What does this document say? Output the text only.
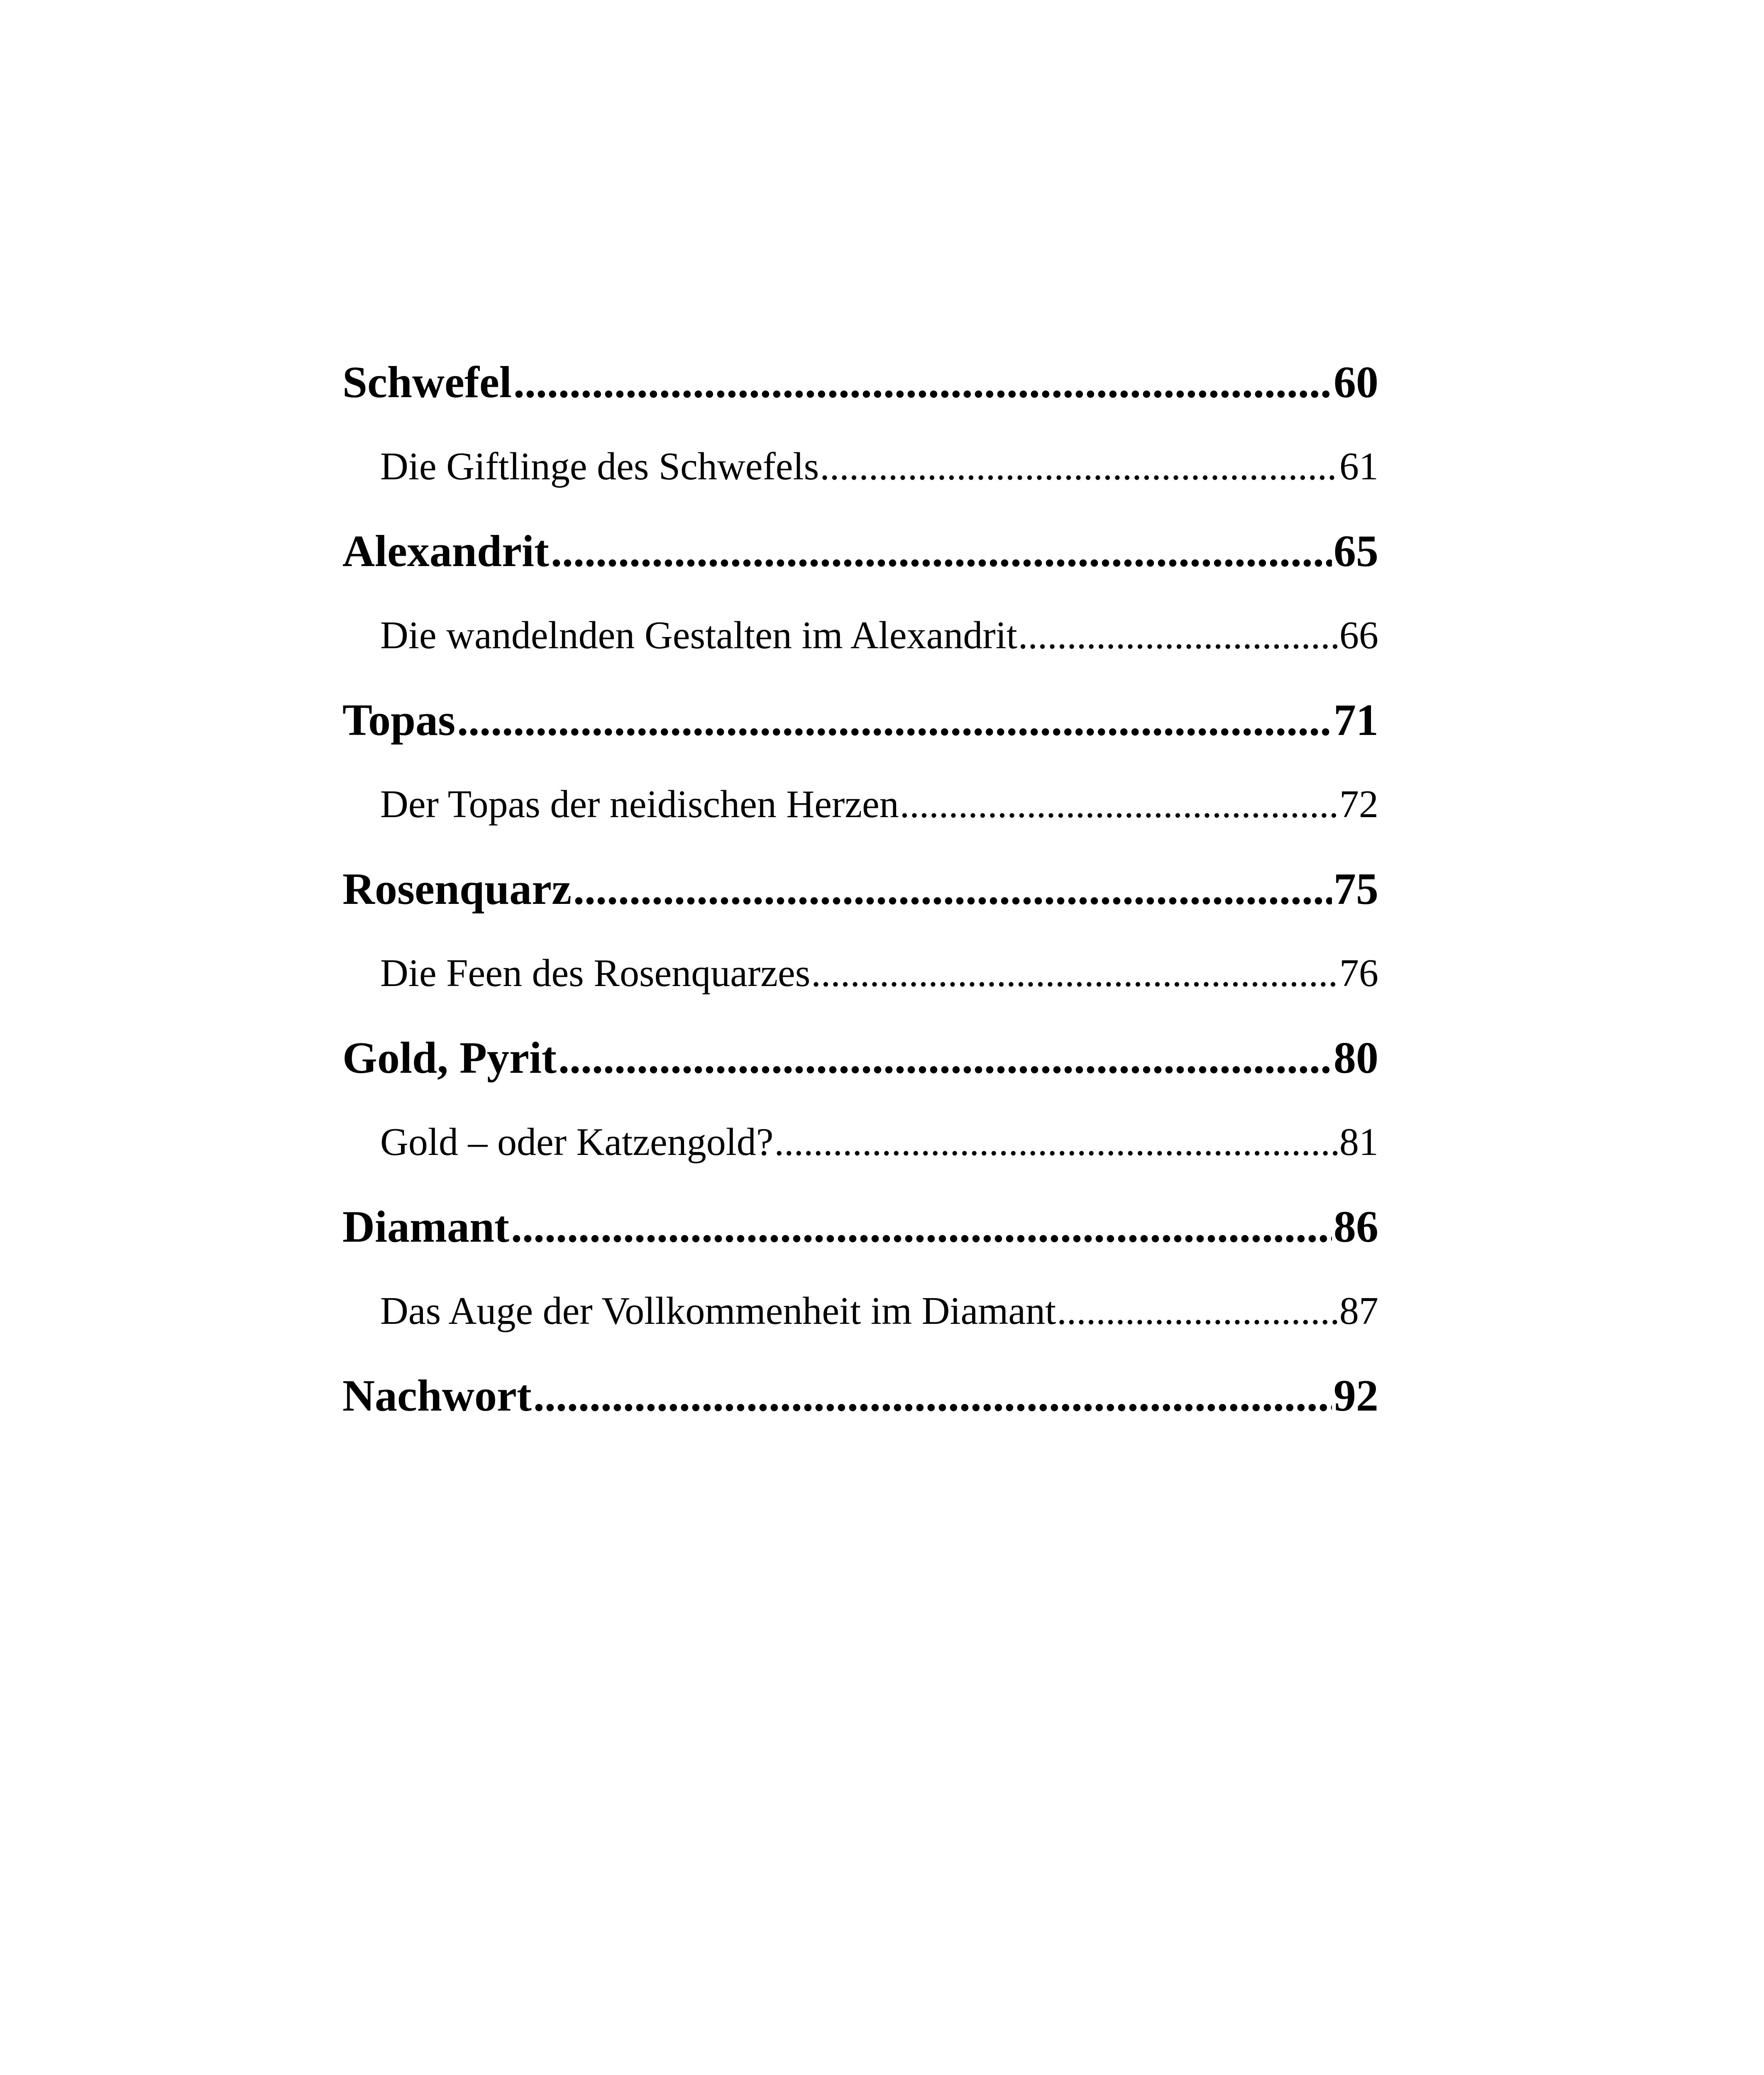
Schwefel .....	60
Die Giftlinge des Schwefels .....	61
Alexandrit .....	65
Die wandelnden Gestalten im Alexandrit .....	66
Topas .....	71
Der Topas der neidischen Herzen .....	72
Rosenquarz .....	75
Die Feen des Rosenquarzes .....	76
Gold, Pyrit .....	80
Gold – oder Katzengold? .....	81
Diamant .....	86
Das Auge der Vollkommenheit im Diamant .....	87
Nachwort .....	92
